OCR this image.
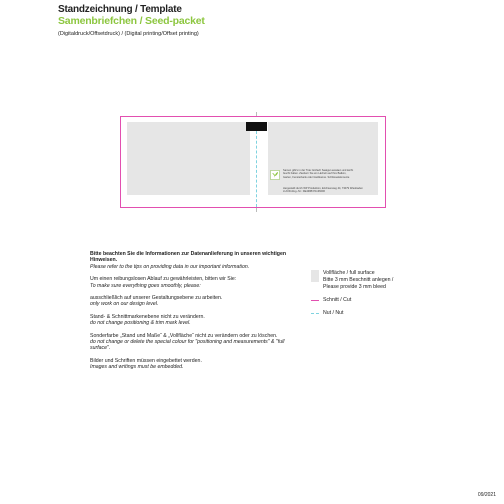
Standzeichnung / Template
Samenbriefchen / Seed-packet
(Digitaldruck/Offsetdruck) / (Digital printing/Offset printing)
Samen gibt's in der Tüte: Einfach Saatgut aussäen und leicht
feucht halten. Zaubern Sie ein Lächeln auf Ihre Balkon,
Garten, Fensterbank oder Gießkanne. Schlüsselelemente
Hergestellt durch WP Produktion, Erichsenweg 44, 73079 Wiesbaden
LUCID-Reg.-Nr.: DE4388471136096

Bitte beachten Sie die Informationen zur Datenanlieferung in unseren wichtigen Hinweisen.

Please refer to the tips on providing data in our important information.

Um einen reibungslosen Ablauf zu gewährleisten, bitten wir Sie:

To make sure everything goes smoothly, please:

ausschließlich auf unserer Gestaltungsebene zu arbeiten.

only work on our design level.

Stand- & Schnittmarkenebene nicht zu verändern.

do not change positioning & trim mark level.

Sonderfarbe „Stand und Maße“ & „Vollfläche“ nicht zu verändern oder zu löschen.

do not change or delete the special colour for "positioning and measurements" & "full surface".

Bilder und Schriften müssen eingebettet werden.

Images and writings must be embedded.

Vollfläche / full surface
Bitte 3 mm Beschnitt anlegen /
Please provide 3 mm bleed
Schnitt / Cut
Nut / Nut
09/2021
